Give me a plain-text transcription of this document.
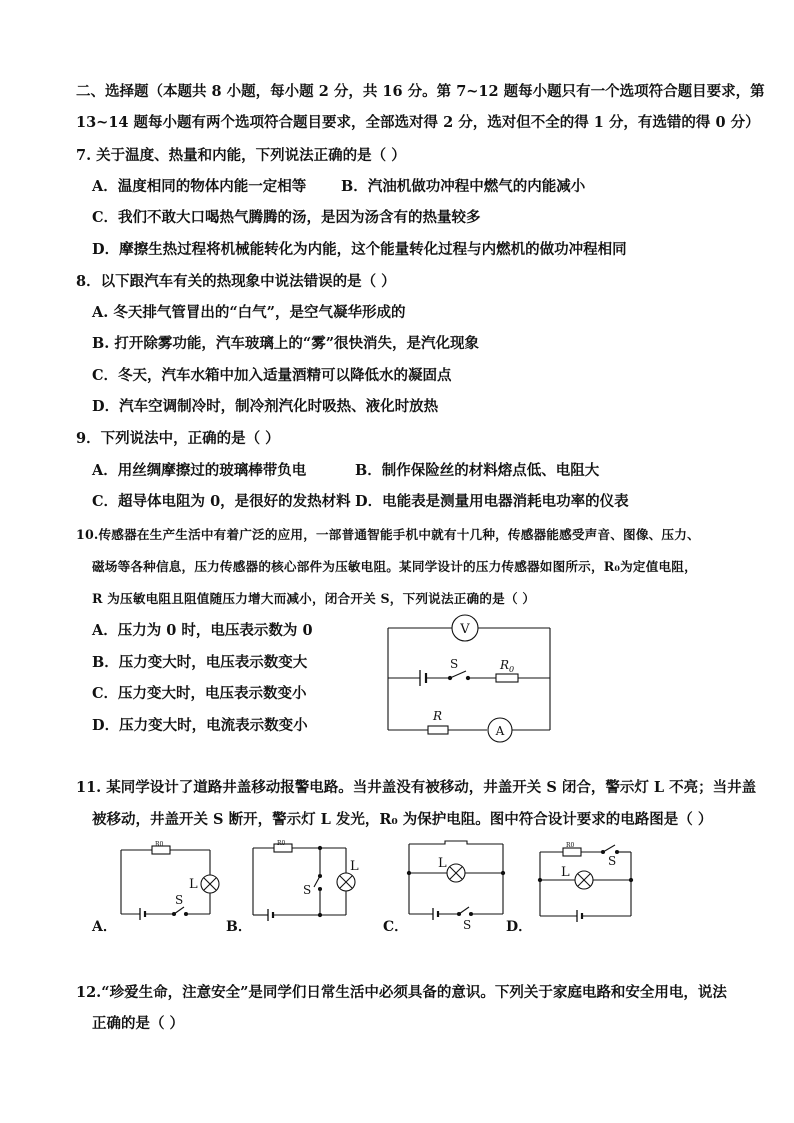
二、选择题（本题共 8 小题，每小题 2 分，共 16 分。第 7~12 题每小题只有一个选项符合题目要求，第
13~14 题每小题有两个选项符合题目要求，全部选对得 2 分，选对但不全的得 1 分，有选错的得 0 分）
7. 关于温度、热量和内能，下列说法正确的是（ ）
A．温度相同的物体内能一定相等 B．汽油机做功冲程中燃气的内能减小
C．我们不敢大口喝热气腾腾的汤，是因为汤含有的热量较多
D．摩擦生热过程将机械能转化为内能，这个能量转化过程与内燃机的做功冲程相同
8．以下跟汽车有关的热现象中说法错误的是（ ）
A. 冬天排气管冒出的“白气”，是空气凝华形成的
B. 打开除雾功能，汽车玻璃上的“雾”很快消失，是汽化现象
C．冬天，汽车水箱中加入适量酒精可以降低水的凝固点
D．汽车空调制冷时，制冷剂汽化时吸热、液化时放热
9．下列说法中，正确的是（ ）
A．用丝绸摩擦过的玻璃棒带负电	B．制作保险丝的材料熔点低、电阻大
C．超导体电阻为 0，是很好的发热材料 D．电能表是测量用电器消耗电功率的仪表
10.传感器在生产生活中有着广泛的应用，一部普通智能手机中就有十几种，传感器能感受声音、图像、压力、
磁场等各种信息，压力传感器的核心部件为压敏电阻。某同学设计的压力传感器如图所示，R₀为定值电阻，
R 为压敏电阻且阻值随压力增大而减小，闭合开关 S，下列说法正确的是（ ）
A．压力为 0 时，电压表示数为 0
B．压力变大时，电压表示数变大
C．压力变大时，电压表示数变小
D．压力变大时，电流表示数变小
V
S	$R_0$
R
A
11. 某同学设计了道路井盖移动报警电路。当井盖没有被移动，井盖开关 S 闭合，警示灯 L 不亮；当井盖
被移动，井盖开关 S 断开，警示灯 L 发光，R₀ 为保护电阻。图中符合设计要求的电路图是（ ）
A．	B．	C．	D．
R0
L
S
R0
S
L	L
S
R0
S
L
12.“珍爱生命，注意安全”是同学们日常生活中必须具备的意识。下列关于家庭电路和安全用电，说法
正确的是（ ）
